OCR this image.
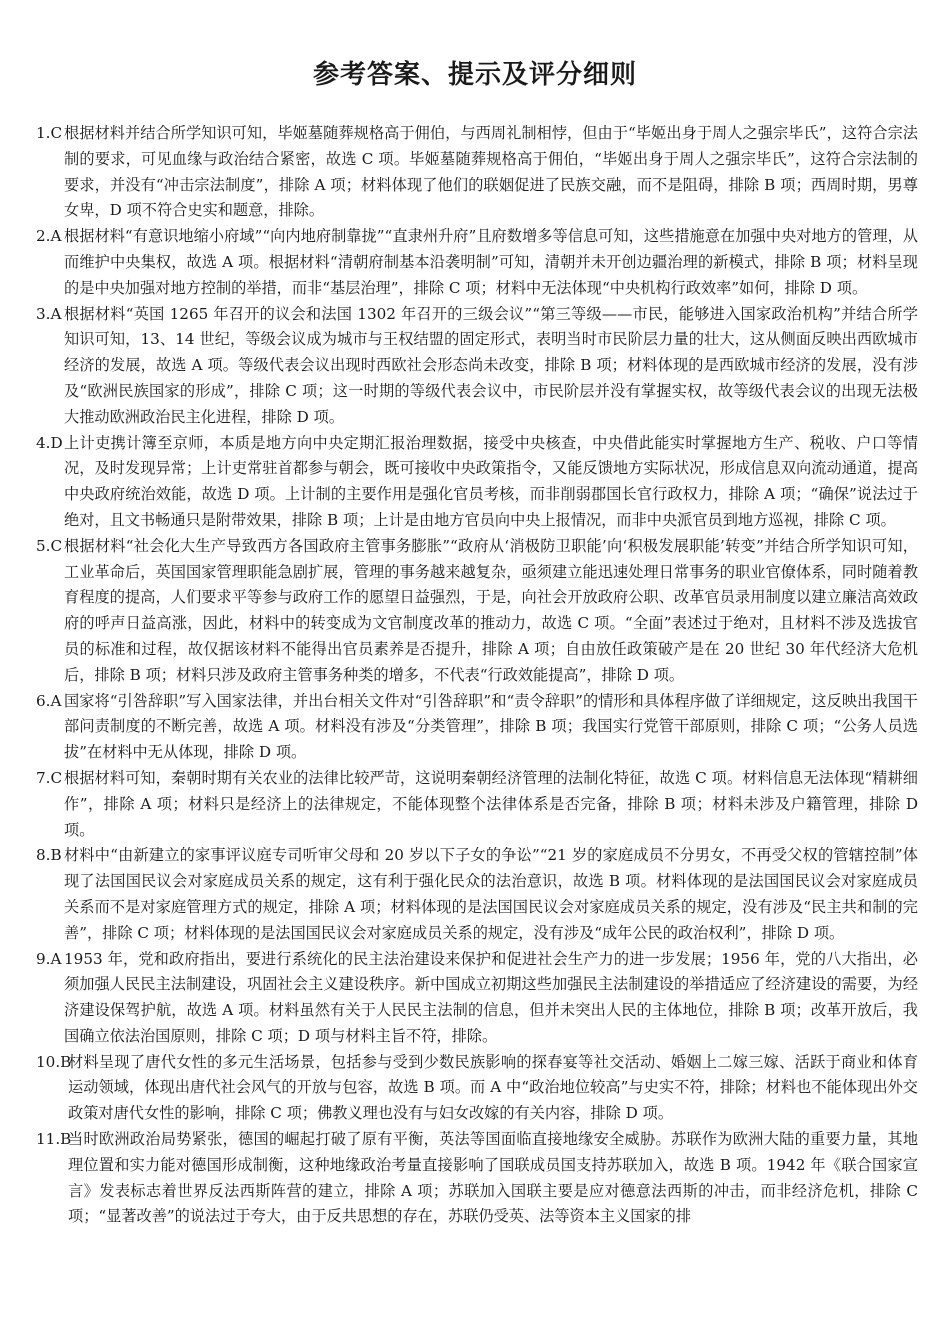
参考答案、提示及评分细则
1.C 根据材料并结合所学知识可知，毕姬墓随葬规格高于佣伯，与西周礼制相悖，但由于“毕姬出身于周人之强宗毕氏”，这符合宗法制的要求，可见血缘与政治结合紧密，故选 C 项。毕姬墓随葬规格高于佣伯，“毕姬出身于周人之强宗毕氏”，这符合宗法制的要求，并没有“冲击宗法制度”，排除 A 项；材料体现了他们的联姻促进了民族交融，而不是阻碍，排除 B 项；西周时期，男尊女卑，D 项不符合史实和题意，排除。
2.A 根据材料“有意识地缩小府域”“向内地府制靠拢”“直隶州升府”且府数增多等信息可知，这些措施意在加强中央对地方的管理，从而维护中央集权，故选 A 项。根据材料“清朝府制基本沿袭明制”可知，清朝并未开创边疆治理的新模式，排除 B 项；材料呈现的是中央加强对地方控制的举措，而非“基层治理”，排除 C 项；材料中无法体现“中央机构行政效率”如何，排除 D 项。
3.A 根据材料“英国 1265 年召开的议会和法国 1302 年召开的三级会议”“第三等级——市民，能够进入国家政治机构”并结合所学知识可知，13、14 世纪，等级会议成为城市与王权结盟的固定形式，表明当时市民阶层力量的壮大，这从侧面反映出西欧城市经济的发展，故选 A 项。等级代表会议出现时西欧社会形态尚未改变，排除 B 项；材料体现的是西欧城市经济的发展，没有涉及“欧洲民族国家的形成”，排除 C 项；这一时期的等级代表会议中，市民阶层并没有掌握实权，故等级代表会议的出现无法极大推动欧洲政治民主化进程，排除 D 项。
4.D 上计吏携计簿至京师，本质是地方向中央定期汇报治理数据，接受中央核查，中央借此能实时掌握地方生产、税收、户口等情况，及时发现异常；上计吏常驻首都参与朝会，既可接收中央政策指令，又能反馈地方实际状况，形成信息双向流动通道，提高中央政府统治效能，故选 D 项。上计制的主要作用是强化官员考核，而非削弱郡国长官行政权力，排除 A 项；“确保”说法过于绝对，且文书畅通只是附带效果，排除 B 项；上计是由地方官员向中央上报情况，而非中央派官员到地方巡视，排除 C 项。
5.C 根据材料“社会化大生产导致西方各国政府主管事务膨胀”“政府从‘消极防卫职能’向‘积极发展职能’转变”并结合所学知识可知，工业革命后，英国国家管理职能急剧扩展，管理的事务越来越复杂，亟须建立能迅速处理日常事务的职业官僚体系，同时随着教育程度的提高，人们要求平等参与政府工作的愿望日益强烈，于是，向社会开放政府公职、改革官员录用制度以建立廉洁高效政府的呼声日益高涨，因此，材料中的转变成为文官制度改革的推动力，故选 C 项。“全面”表述过于绝对，且材料不涉及选拔官员的标准和过程，故仅据该材料不能得出官员素养是否提升，排除 A 项；自由放任政策破产是在 20 世纪 30 年代经济大危机后，排除 B 项；材料只涉及政府主管事务种类的增多，不代表“行政效能提高”，排除 D 项。
6.A 国家将“引咎辞职”写入国家法律，并出台相关文件对“引咎辞职”和“责令辞职”的情形和具体程序做了详细规定，这反映出我国干部问责制度的不断完善，故选 A 项。材料没有涉及“分类管理”，排除 B 项；我国实行党管干部原则，排除 C 项；“公务人员选拔”在材料中无从体现，排除 D 项。
7.C 根据材料可知，秦朝时期有关农业的法律比较严苛，这说明秦朝经济管理的法制化特征，故选 C 项。材料信息无法体现“精耕细作”，排除 A 项；材料只是经济上的法律规定，不能体现整个法律体系是否完备，排除 B 项；材料未涉及户籍管理，排除 D 项。
8.B 材料中“由新建立的家事评议庭专司听审父母和 20 岁以下子女的争讼”“21 岁的家庭成员不分男女，不再受父权的管辖控制”体现了法国国民议会对家庭成员关系的规定，这有利于强化民众的法治意识，故选 B 项。材料体现的是法国国民议会对家庭成员关系而不是对家庭管理方式的规定，排除 A 项；材料体现的是法国国民议会对家庭成员关系的规定，没有涉及“民主共和制的完善”，排除 C 项；材料体现的是法国国民议会对家庭成员关系的规定，没有涉及“成年公民的政治权利”，排除 D 项。
9.A 1953 年，党和政府指出，要进行系统化的民主法治建设来保护和促进社会生产力的进一步发展；1956 年，党的八大指出，必须加强人民民主法制建设，巩固社会主义建设秩序。新中国成立初期这些加强民主法制建设的举措适应了经济建设的需要，为经济建设保驾护航，故选 A 项。材料虽然有关于人民民主法制的信息，但并未突出人民的主体地位，排除 B 项；改革开放后，我国确立依法治国原则，排除 C 项；D 项与材料主旨不符，排除。
10.B
材料呈现了唐代女性的多元生活场景，包括参与受到少数民族影响的探春宴等社交活动、婚姻上二嫁三嫁、活跃于商业和体育运动领域，体现出唐代社会风气的开放与包容，故选 B 项。而 A 中“政治地位较高”与史实不符，排除；材料也不能体现出外交政策对唐代女性的影响，排除 C 项；佛教义理也没有与妇女改嫁的有关内容，排除 D 项。
11.B
当时欧洲政治局势紧张，德国的崛起打破了原有平衡，英法等国面临直接地缘安全威胁。苏联作为欧洲大陆的重要力量，其地理位置和实力能对德国形成制衡，这种地缘政治考量直接影响了国联成员国支持苏联加入，故选 B 项。1942 年《联合国家宣言》发表标志着世界反法西斯阵营的建立，排除 A 项；苏联加入国联主要是应对德意法西斯的冲击，而非经济危机，排除 C 项；“显著改善”的说法过于夸大，由于反共思想的存在，苏联仍受英、法等资本主义国家的排
